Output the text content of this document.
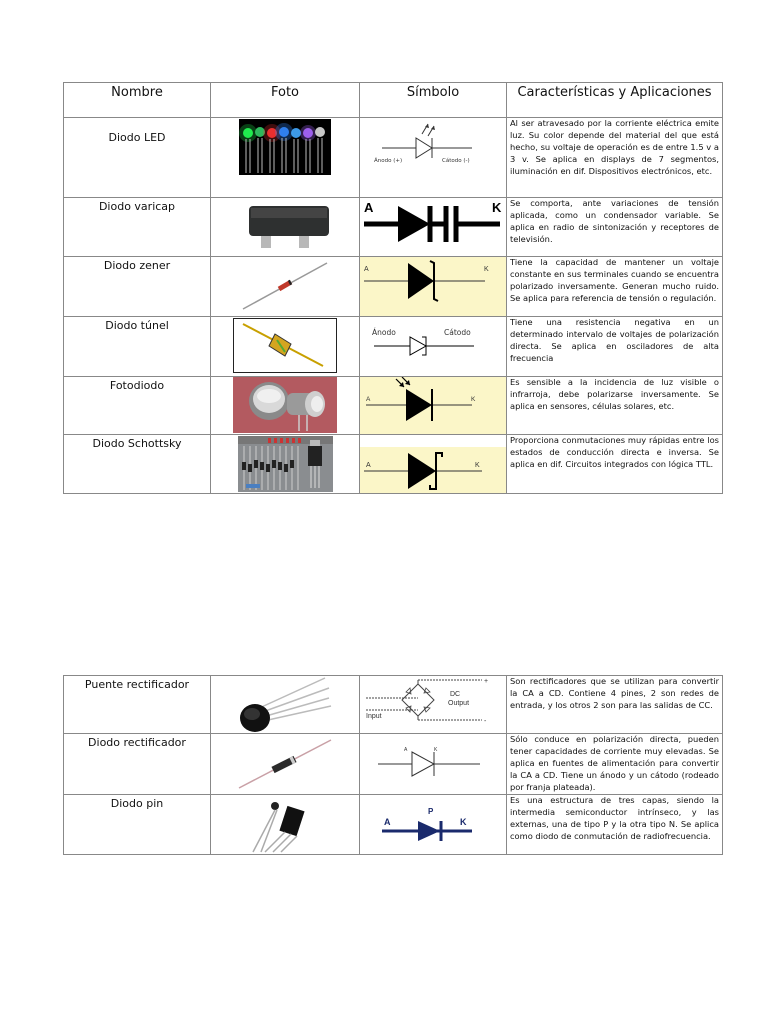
Nombre	Foto	Símbolo	Características y Aplicaciones
Diodo LED		Ánodo (+) Cátodo (-)	Al ser atravesado por la corriente eléctrica emite luz. Su color depende del material del que está hecho, su voltaje de operación es de entre 1.5 v a 3 v. Se aplica en displays de 7 segmentos, iluminación en dif. Dispositivos electrónicos, etc.
Diodo varicap		A K	Se comporta, ante variaciones de tensión aplicada, como un condensador variable. Se aplica en radio de sintonización y receptores de televisión.
Diodo zener		A K	Tiene la capacidad de mantener un voltaje constante en sus terminales cuando se encuentra polarizado inversamente. Generan mucho ruido. Se aplica para referencia de tensión o regulación.
Diodo túnel		Ánodo Cátodo	Tiene una resistencia negativa en un determinado intervalo de voltajes de polarización directa. Se aplica en osciladores de alta frecuencia
Fotodiodo		A K	Es sensible a la incidencia de luz visible o infrarroja, debe polarizarse inversamente. Se aplica en sensores, células solares, etc.
Diodo Schottsky		A K	Proporciona conmutaciones muy rápidas entre los estados de conducción directa e inversa. Se aplica en dif. Circuitos integrados con lógica TTL.
Puente rectificador		Input
DC
Output
+
-	Son rectificadores que se utilizan para convertir la CA a CD. Contiene 4 pines, 2 son redes de entrada, y los otros 2 son para las salidas de CC.
Diodo rectificador		A K	Sólo conduce en polarización directa, pueden tener capacidades de corriente muy elevadas. Se aplica en fuentes de alimentación para convertir la CA a CD. Tiene un ánodo y un cátodo (rodeado por franja plateada).
Diodo pin		A
P
K	Es una estructura de tres capas, siendo la intermedia semiconductor intrínseco, y las externas, una de tipo P y la otra tipo N. Se aplica como diodo de conmutación de radiofrecuencia.
